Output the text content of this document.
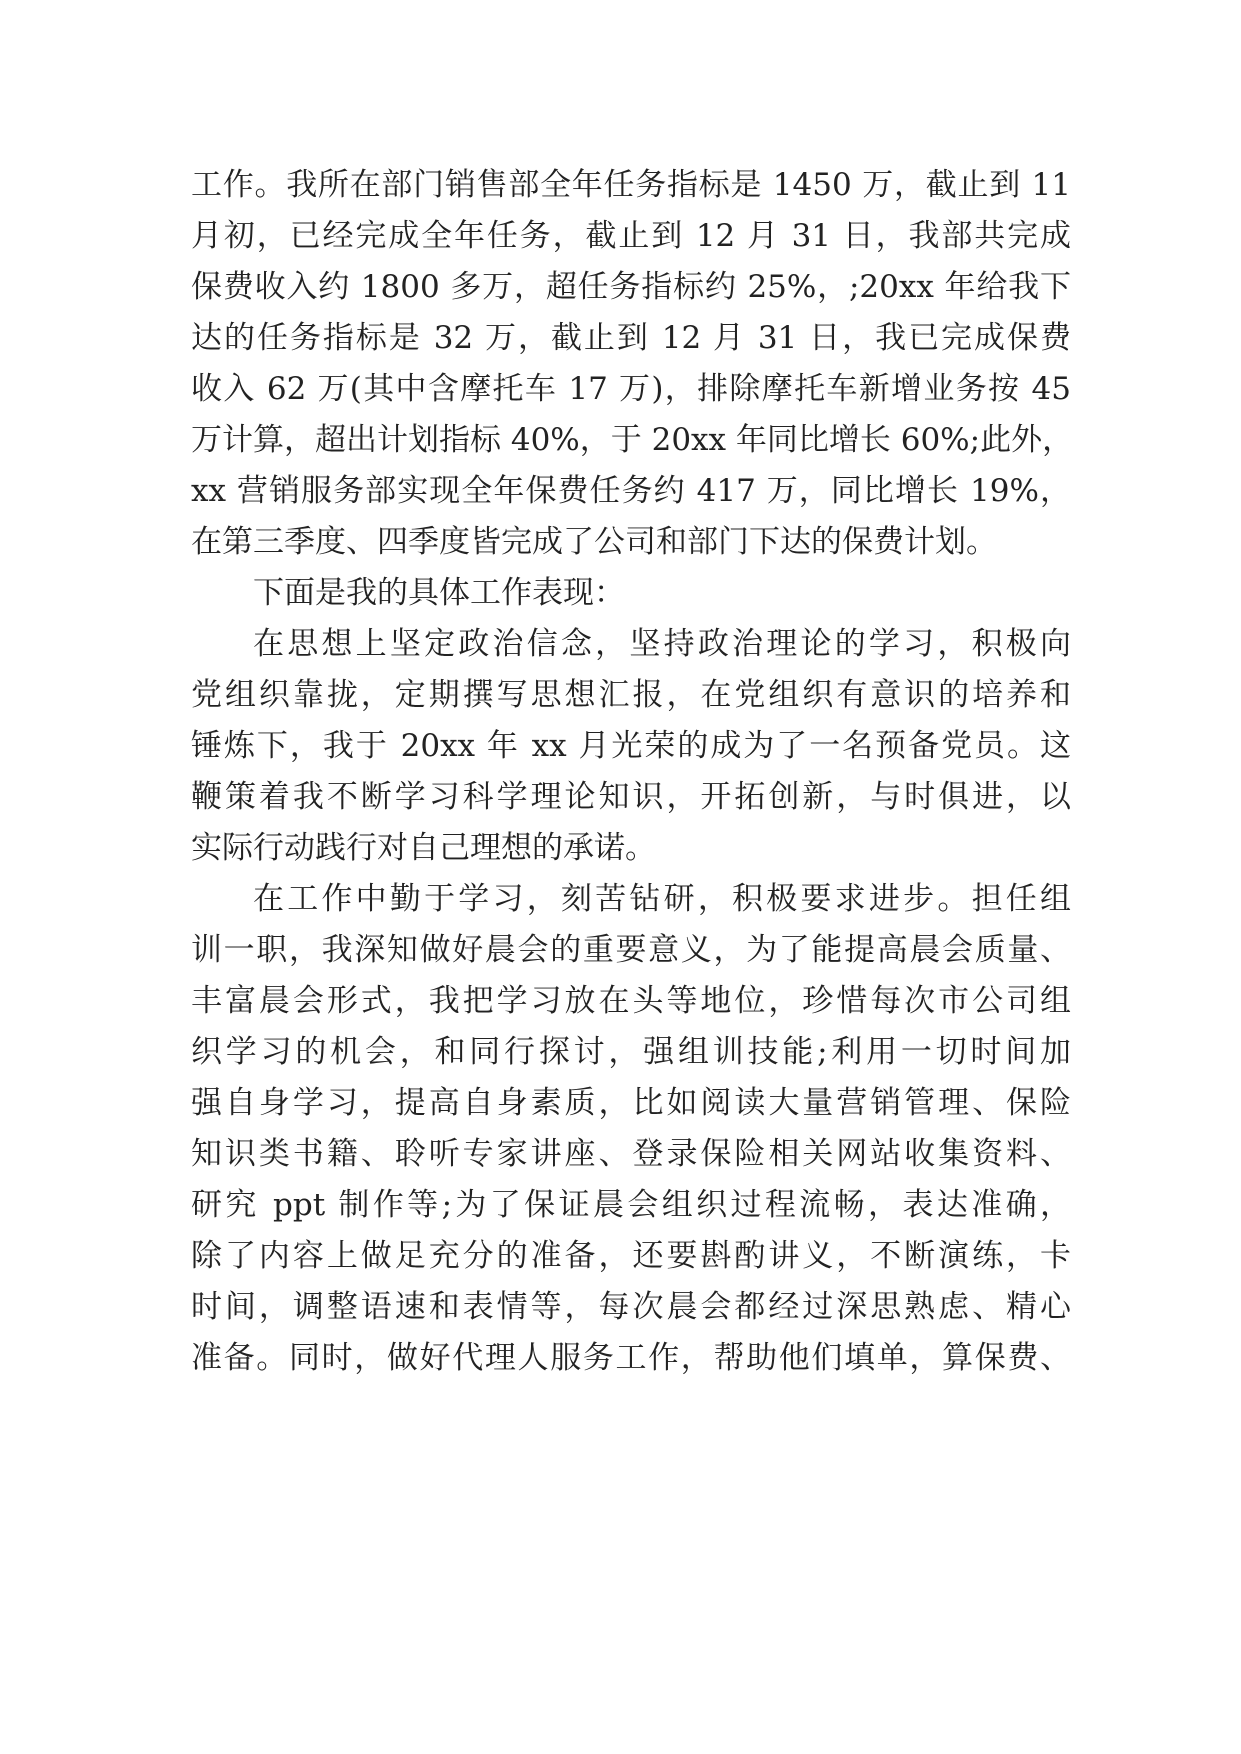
工作。我所在部门销售部全年任务指标是 1450 万，截止到 11
月初，已经完成全年任务，截止到 12 月 31 日，我部共完成
保费收入约 1800 多万，超任务指标约 25%，;20xx 年给我下
达的任务指标是 32 万，截止到 12 月 31 日，我已完成保费
收入 62 万(其中含摩托车 17 万)，排除摩托车新增业务按 45
万计算，超出计划指标 40%，于 20xx 年同比增长 60%;此外，
xx 营销服务部实现全年保费任务约 417 万，同比增长 19%，
在第三季度、四季度皆完成了公司和部门下达的保费计划。
下面是我的具体工作表现：
在思想上坚定政治信念，坚持政治理论的学习，积极向
党组织靠拢，定期撰写思想汇报，在党组织有意识的培养和
锤炼下，我于 20xx 年 xx 月光荣的成为了一名预备党员。这
鞭策着我不断学习科学理论知识，开拓创新，与时俱进，以
实际行动践行对自己理想的承诺。
在工作中勤于学习，刻苦钻研，积极要求进步。担任组
训一职，我深知做好晨会的重要意义，为了能提高晨会质量、
丰富晨会形式，我把学习放在头等地位，珍惜每次市公司组
织学习的机会，和同行探讨，强组训技能;利用一切时间加
强自身学习，提高自身素质，比如阅读大量营销管理、保险
知识类书籍、聆听专家讲座、登录保险相关网站收集资料、
研究 ppt 制作等;为了保证晨会组织过程流畅，表达准确，
除了内容上做足充分的准备，还要斟酌讲义，不断演练，卡
时间，调整语速和表情等，每次晨会都经过深思熟虑、精心
准备。同时，做好代理人服务工作，帮助他们填单，算保费、
